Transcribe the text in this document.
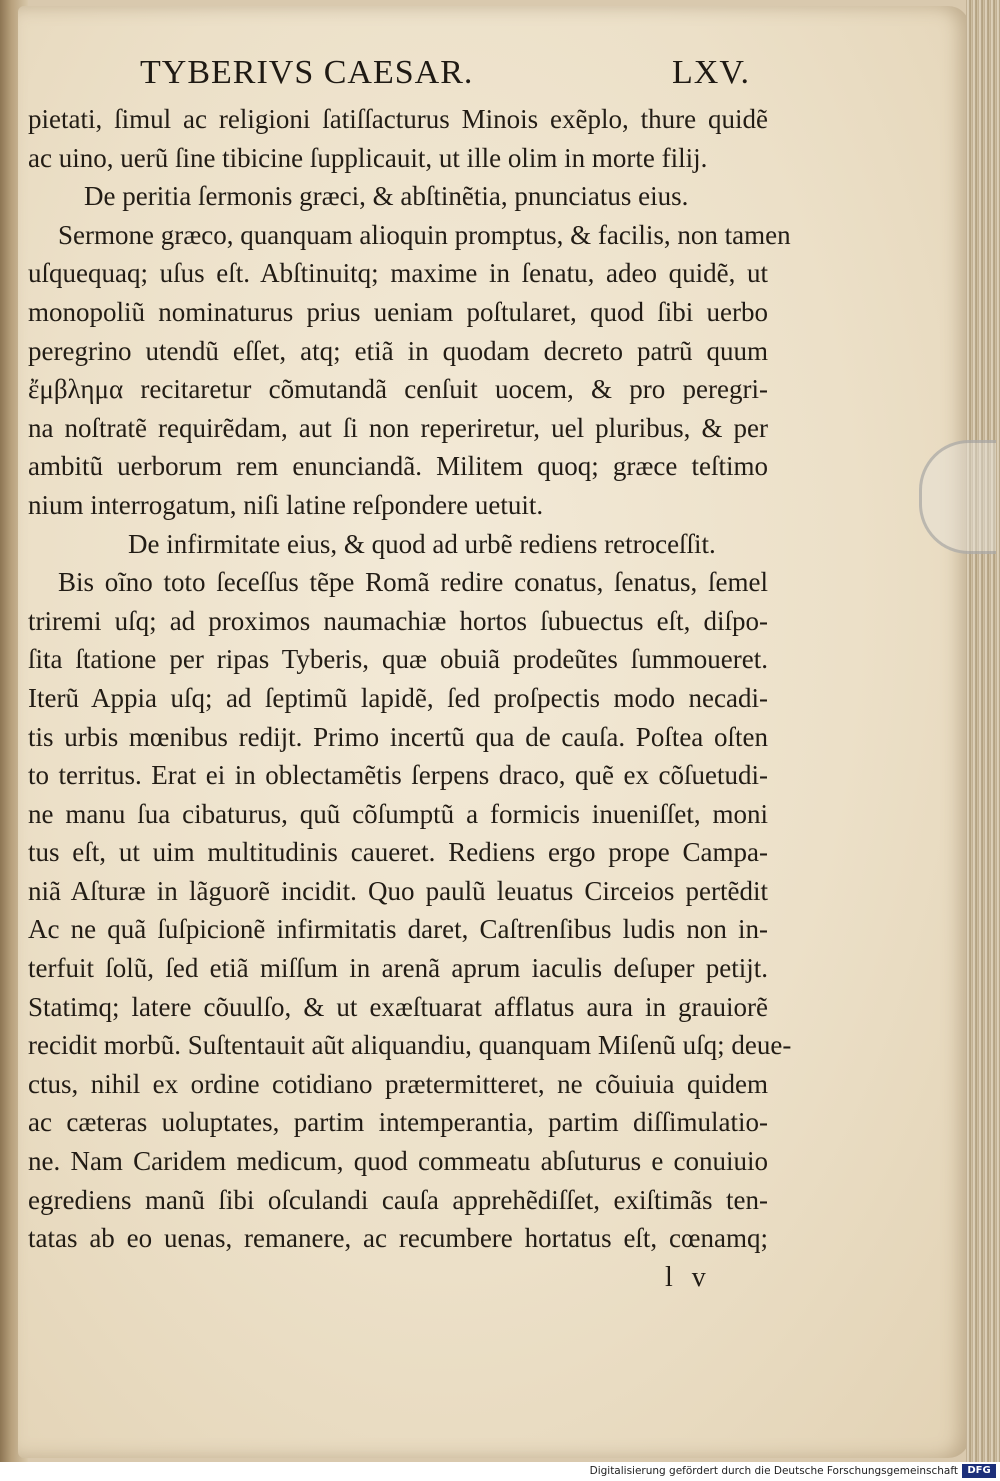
TYBERIVS CAESAR.	LXV.
pietati, ſimul ac religioni ſatiſſacturus Minois exẽplo, thure quidẽ
ac uino, uerũ ſine tibicine ſupplicauit, ut ille olim in morte filij.
De peritia ſermonis græci, & abſtinẽtia, pnunciatus eius.
Sermone græco, quanquam alioquin promptus, & facilis, non tamen
uſquequaq; uſus eſt. Abſtinuitq; maxime in ſenatu, adeo quidẽ, ut
monopoliũ nominaturus prius ueniam poſtularet, quod ſibi uerbo
peregrino utendũ eſſet, atq; etiã in quodam decreto patrũ quum
ἔμβλημα recitaretur cõmutandã cenſuit uocem, & pro peregri-
na noſtratẽ requirẽdam, aut ſi non reperiretur, uel pluribus, & per
ambitũ uerborum rem enunciandã. Militem quoq; græce teſtimo
nium interrogatum, niſi latine reſpondere uetuit.
De infirmitate eius, & quod ad urbẽ rediens retroceſſit.
Bis oĩno toto ſeceſſus tẽpe Romã redire conatus, ſenatus, ſemel
triremi uſq; ad proximos naumachiæ hortos ſubuectus eſt, diſpo-
ſita ſtatione per ripas Tyberis, quæ obuiã prodeũtes ſummoueret.
Iterũ Appia uſq; ad ſeptimũ lapidẽ, ſed proſpectis modo necadi-
tis urbis mœnibus redijt. Primo incertũ qua de cauſa. Poſtea oſten
to territus. Erat ei in oblectamẽtis ſerpens draco, quẽ ex cõſuetudi-
ne manu ſua cibaturus, quũ cõſumptũ a formicis inueniſſet, moni
tus eſt, ut uim multitudinis caueret. Rediens ergo prope Campa-
niã Aſturæ in lãguorẽ incidit. Quo paulũ leuatus Circeios pertẽdit
Ac ne quã ſuſpicionẽ infirmitatis daret, Caſtrenſibus ludis non in-
terfuit ſolũ, ſed etiã miſſum in arenã aprum iaculis deſuper petijt.
Statimq; latere cõuulſo, & ut exæſtuarat afflatus aura in grauiorẽ
recidit morbũ. Suſtentauit aũt aliquandiu, quanquam Miſenũ uſq; deue-
ctus, nihil ex ordine cotidiano prætermitteret, ne cõuiuia quidem
ac cæteras uoluptates, partim intemperantia, partim diſſimulatio-
ne. Nam Caridem medicum, quod commeatu abſuturus e conuiuio
egrediens manũ ſibi oſculandi cauſa apprehẽdiſſet, exiſtimãs ten-
tatas ab eo uenas, remanere, ac recumbere hortatus eſt, cœnamq;
l v
Digitalisierung gefördert durch die Deutsche Forschungsgemeinschaft DFG
